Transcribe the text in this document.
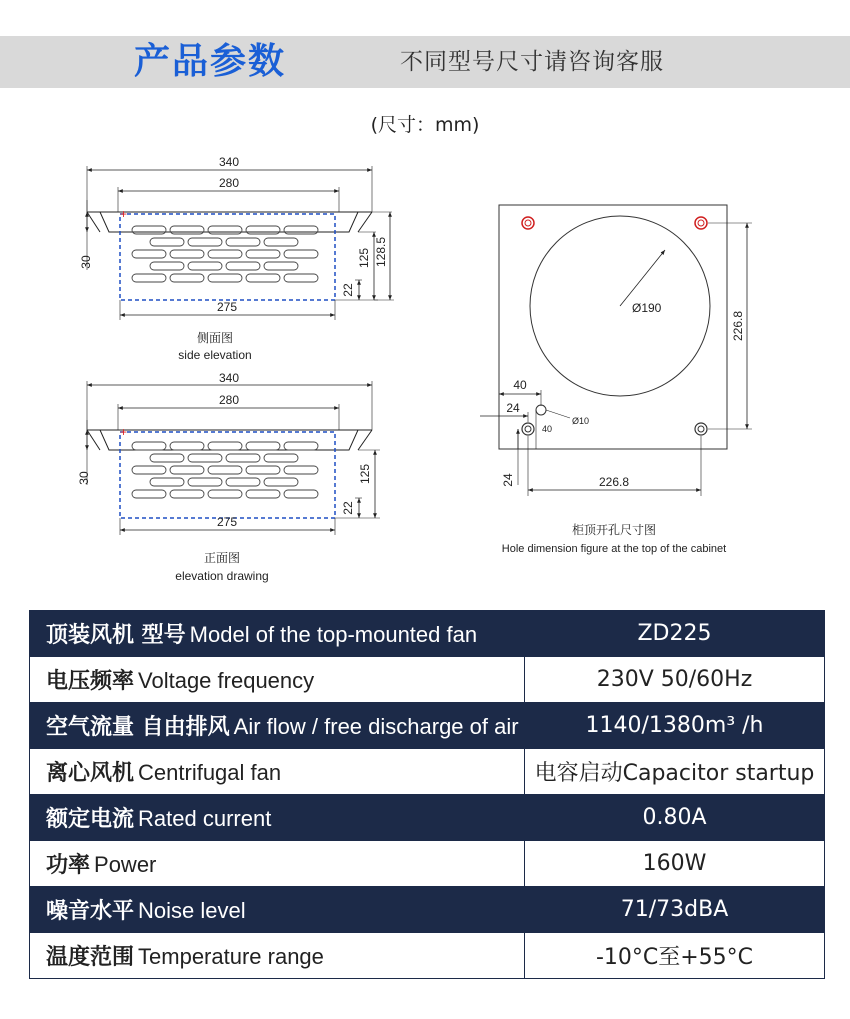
产品参数	不同型号尺寸请咨询客服
(尺寸：mm)
340
280
+
30
22
125 128.5
275
侧面图
side elevation
340
280
+
30
22
125
275
正面图
elevation drawing
Ø190
226.8
226.8
40
24
40
Ø10
24
柜顶开孔尺寸图
Hole dimension figure at the top of the cabinet
顶装风机 型号 Model of the top-mounted fan	ZD225
电压频率 Voltage frequency	230V 50/60Hz
空气流量 自由排风 Air flow / free discharge of air	1140/1380m³ /h
离心风机 Centrifugal fan	电容启动Capacitor startup
额定电流 Rated current	0.80A
功率 Power	160W
噪音水平 Noise level	71/73dBA
温度范围 Temperature range	-10°C至+55°C
